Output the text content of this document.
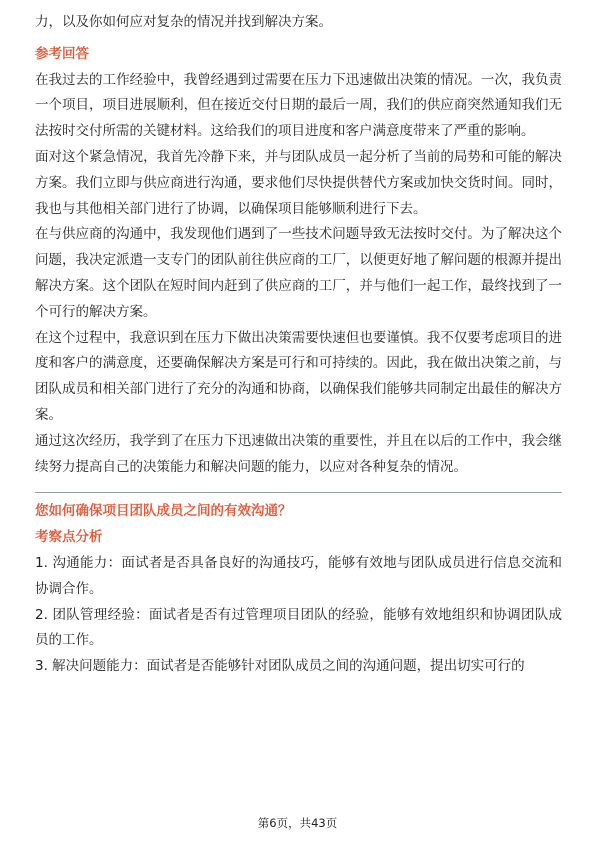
力，以及你如何应对复杂的情况并找到解决方案。

参考回答

在我过去的工作经验中，我曾经遇到过需要在压力下迅速做出决策的情况。一次，我负责一个项目，项目进展顺利，但在接近交付日期的最后一周，我们的供应商突然通知我们无法按时交付所需的关键材料。这给我们的项目进度和客户满意度带来了严重的影响。

面对这个紧急情况，我首先冷静下来，并与团队成员一起分析了当前的局势和可能的解决方案。我们立即与供应商进行沟通，要求他们尽快提供替代方案或加快交货时间。同时，我也与其他相关部门进行了协调，以确保项目能够顺利进行下去。

在与供应商的沟通中，我发现他们遇到了一些技术问题导致无法按时交付。为了解决这个问题，我决定派遣一支专门的团队前往供应商的工厂，以便更好地了解问题的根源并提出解决方案。这个团队在短时间内赶到了供应商的工厂，并与他们一起工作，最终找到了一个可行的解决方案。

在这个过程中，我意识到在压力下做出决策需要快速但也要谨慎。我不仅要考虑项目的进度和客户的满意度，还要确保解决方案是可行和可持续的。因此，我在做出决策之前，与团队成员和相关部门进行了充分的沟通和协商，以确保我们能够共同制定出最佳的解决方案。

通过这次经历，我学到了在压力下迅速做出决策的重要性，并且在以后的工作中，我会继续努力提高自己的决策能力和解决问题的能力，以应对各种复杂的情况。

您如何确保项目团队成员之间的有效沟通？

考察点分析

1. 沟通能力：面试者是否具备良好的沟通技巧，能够有效地与团队成员进行信息交流和协调合作。

2. 团队管理经验：面试者是否有过管理项目团队的经验，能够有效地组织和协调团队成员的工作。

3. 解决问题能力：面试者是否能够针对团队成员之间的沟通问题，提出切实可行的

第6页，共43页
